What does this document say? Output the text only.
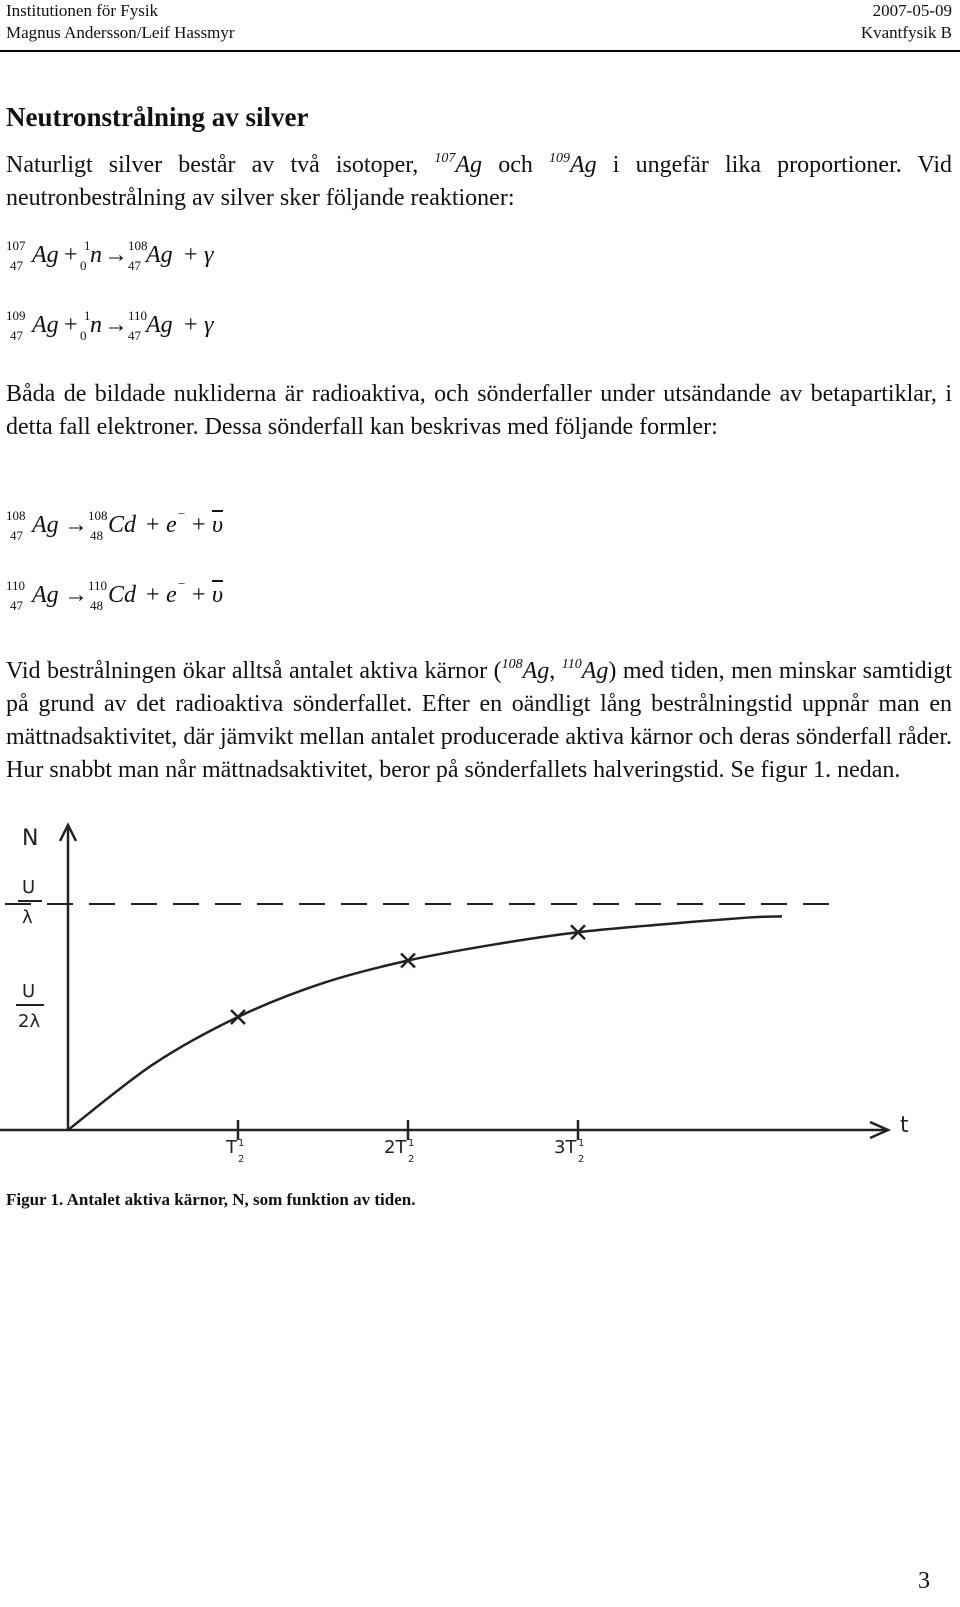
Institutionen för Fysik
Magnus Andersson/Leif Hassmyr
2007-05-09
Kvantfysik B
Neutronstrålning av silver

Naturligt silver består av två isotoper, $^{107}$Ag och $^{109}$Ag i ungefär lika proportioner. Vid neutronbestrålning av silver sker följande reaktioner:

107
47 Ag + 1
0 n → 108
47 Ag + γ
109
47 Ag + 1
0 n → 110
47 Ag + γ

Båda de bildade nukliderna är radioaktiva, och sönderfaller under utsändande av betapartiklar, i detta fall elektroner. Dessa sönderfall kan beskrivas med följande formler:

108
47 Ag → 108
48 Cd + e − + $\overline{\upsilon}$
110
47 Ag → 110
48 Cd + e − + $\overline{\upsilon}$

Vid bestrålningen ökar alltså antalet aktiva kärnor ($^{108}$Ag, $^{110}$Ag) med tiden, men minskar samtidigt på grund av det radioaktiva sönderfallet. Efter en oändligt lång bestrålningstid uppnår man en mättnadsaktivitet, där jämvikt mellan antalet producerade aktiva kärnor och deras sönderfall råder. Hur snabbt man når mättnadsaktivitet, beror på sönderfallets halveringstid. Se figur 1. nedan.

N
t
U
λ
U
2λ
T 1
2
2T 1
2
3T 1
2
Figur 1. Antalet aktiva kärnor, N, som funktion av tiden.
3
